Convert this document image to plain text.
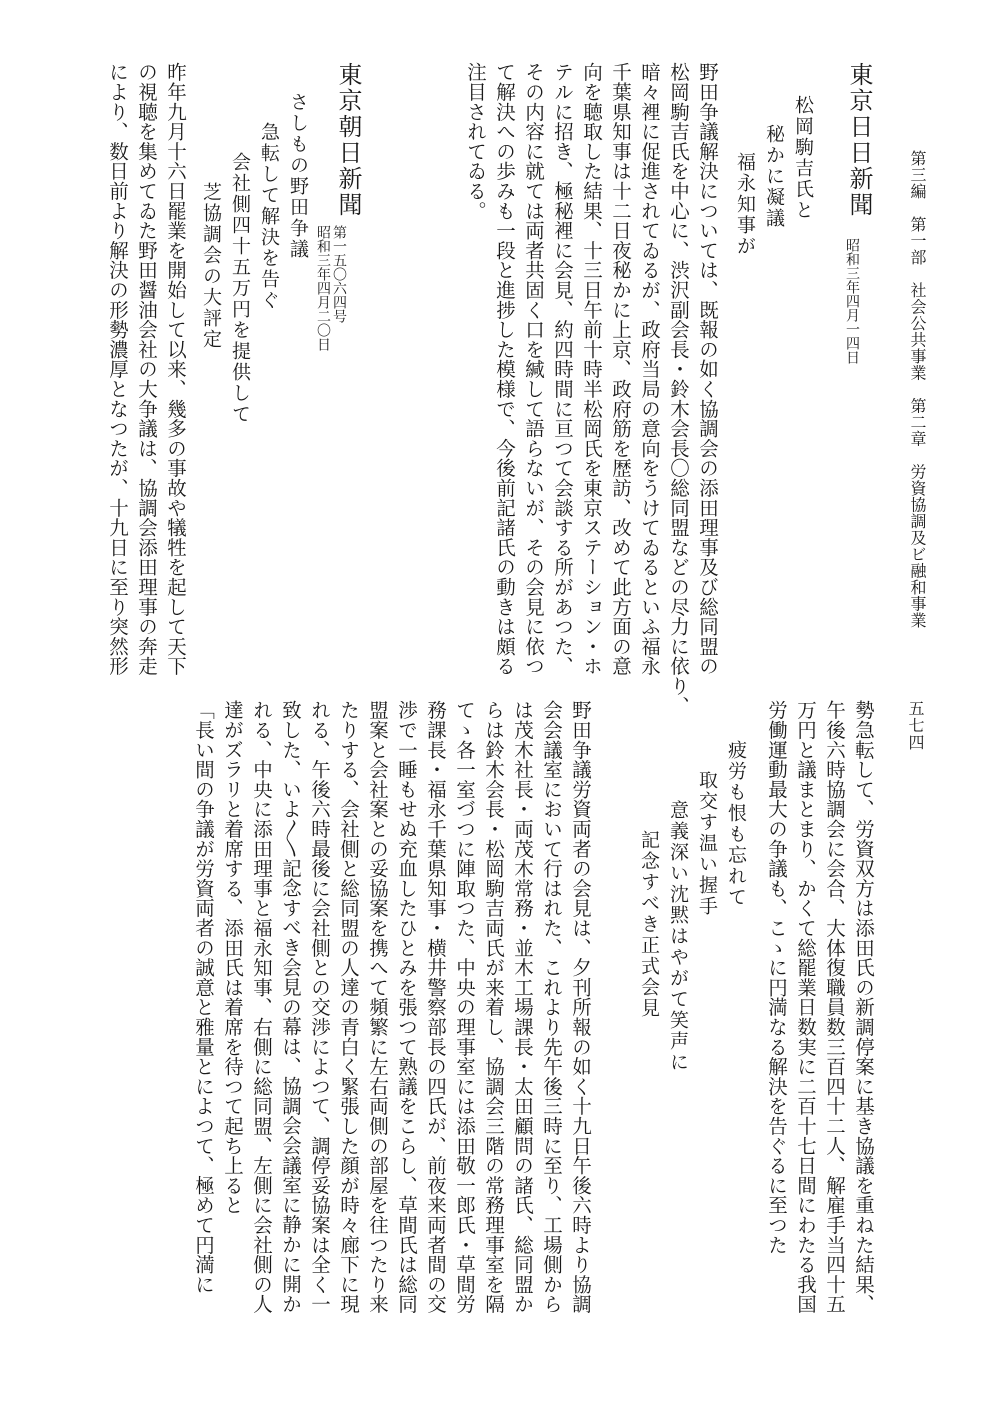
第三編　第一部　社会公共事業　第二章　労資協調及ビ融和事業
五七四
東京日日新聞
昭和三年四月一四日
松岡駒吉氏と
秘かに凝議
福永知事が
野田争議解決については、既報の如く協調会の添田理事及び総同盟の
松岡駒吉氏を中心に、渋沢副会長・鈴木会長〇総同盟などの尽力に依り、
暗々裡に促進されてゐるが、政府当局の意向をうけてゐるといふ福永
千葉県知事は十二日夜秘かに上京、政府筋を歴訪、改めて此方面の意
向を聴取した結果、十三日午前十時半松岡氏を東京ステーション・ホ
テルに招き、極秘裡に会見、約四時間に亘つて会談する所があつた、
その内容に就ては両者共固く口を緘して語らないが、その会見に依つ
て解決への歩みも一段と進捗した模様で、今後前記諸氏の動きは頗る
注目されてゐる。
東京朝日新聞
第一五〇六四号
昭和三年四月二〇日
さしもの野田争議
急転して解決を告ぐ
会社側四十五万円を提供して
芝協調会の大評定
昨年九月十六日罷業を開始して以来、幾多の事故や犠牲を起して天下
の視聴を集めてゐた野田醤油会社の大争議は、協調会添田理事の奔走
により、数日前より解決の形勢濃厚となつたが、十九日に至り突然形
勢急転して、労資双方は添田氏の新調停案に基き協議を重ねた結果、
午後六時協調会に会合、大体復職員数三百四十二人、解雇手当四十五
万円と議まとまり、かくて総罷業日数実に二百十七日間にわたる我国
労働運動最大の争議も、こゝに円満なる解決を告ぐるに至つた
疲労も恨も忘れて
取交す温い握手
意義深い沈黙はやがて笑声に
記念すべき正式会見
野田争議労資両者の会見は、夕刊所報の如く十九日午後六時より協調
会会議室において行はれた、これより先午後三時に至り、工場側から
は茂木社長・両茂木常務・並木工場課長・太田顧問の諸氏、総同盟か
らは鈴木会長・松岡駒吉両氏が来着し、協調会三階の常務理事室を隔
てゝ各一室づつに陣取つた、中央の理事室には添田敬一郎氏・草間労
務課長・福永千葉県知事・横井警察部長の四氏が、前夜来両者間の交
渉で一睡もせぬ充血したひとみを張つて熟議をこらし、草間氏は総同
盟案と会社案との妥協案を携へて頻繁に左右両側の部屋を往つたり来
たりする、会社側と総同盟の人達の青白く緊張した顔が時々廊下に現
れる、午後六時最後に会社側との交渉によつて、調停妥協案は全く一
致した、いよ〳〵記念すべき会見の幕は、協調会会議室に静かに開か
れる、中央に添田理事と福永知事、右側に総同盟、左側に会社側の人
達がズラリと着席する、添田氏は着席を待つて起ち上ると
「長い間の争議が労資両者の誠意と雅量とによつて、極めて円満に
